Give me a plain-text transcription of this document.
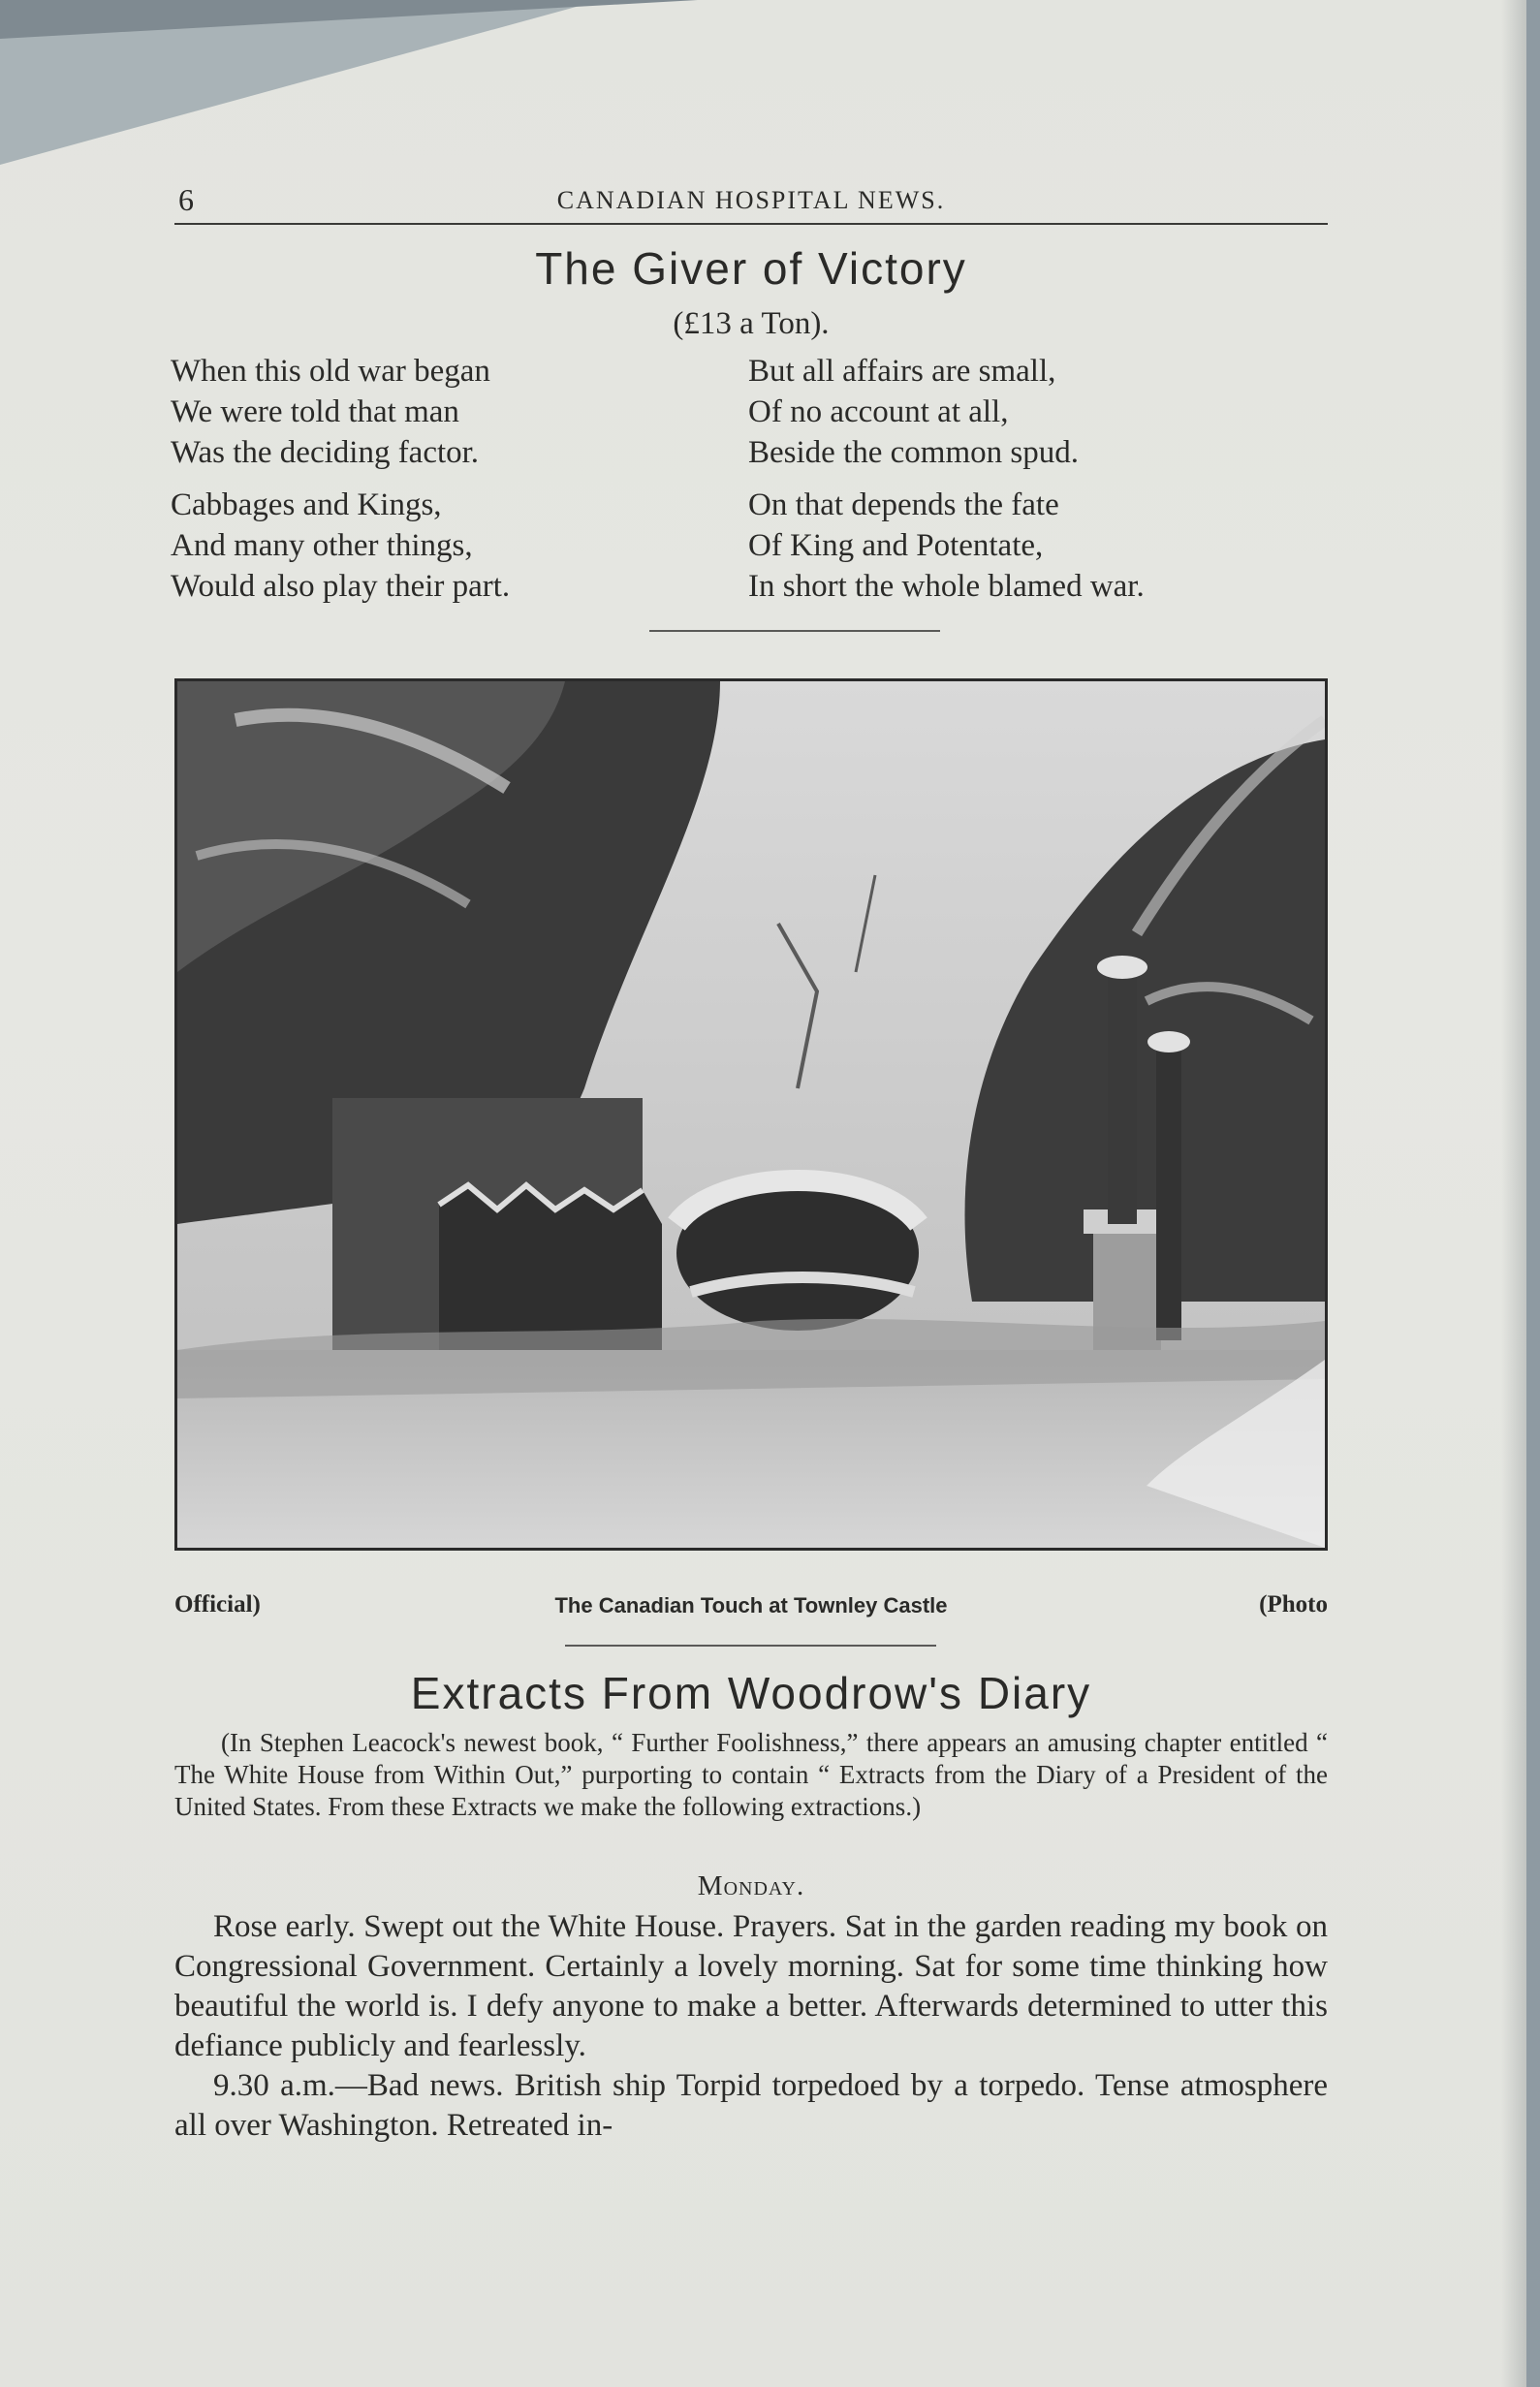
6	CANADIAN HOSPITAL NEWS.
The Giver of Victory
(£13 a Ton).
When this old war began
We were told that man
Was the deciding factor.
Cabbages and Kings,
And many other things,
Would also play their part.
But all affairs are small,
Of no account at all,
Beside the common spud.
On that depends the fate
Of King and Potentate,
In short the whole blamed war.
Official)	The Canadian Touch at Townley Castle	(Photo
Extracts From Woodrow's Diary
(In Stephen Leacock's newest book, “ Further Foolishness,” there appears an amusing chapter entitled “ The White House from Within Out,” purporting to contain “ Extracts from the Diary of a President of the United States. From these Extracts we make the following extractions.)
Monday.

Rose early. Swept out the White House. Prayers. Sat in the garden reading my book on Congressional Government. Certainly a lovely morning. Sat for some time thinking how beautiful the world is. I defy anyone to make a better. Afterwards determined to utter this defiance publicly and fearlessly.

9.30 a.m.—Bad news. British ship Torpid torpedoed by a torpedo. Tense atmosphere all over Washington. Retreated in-
